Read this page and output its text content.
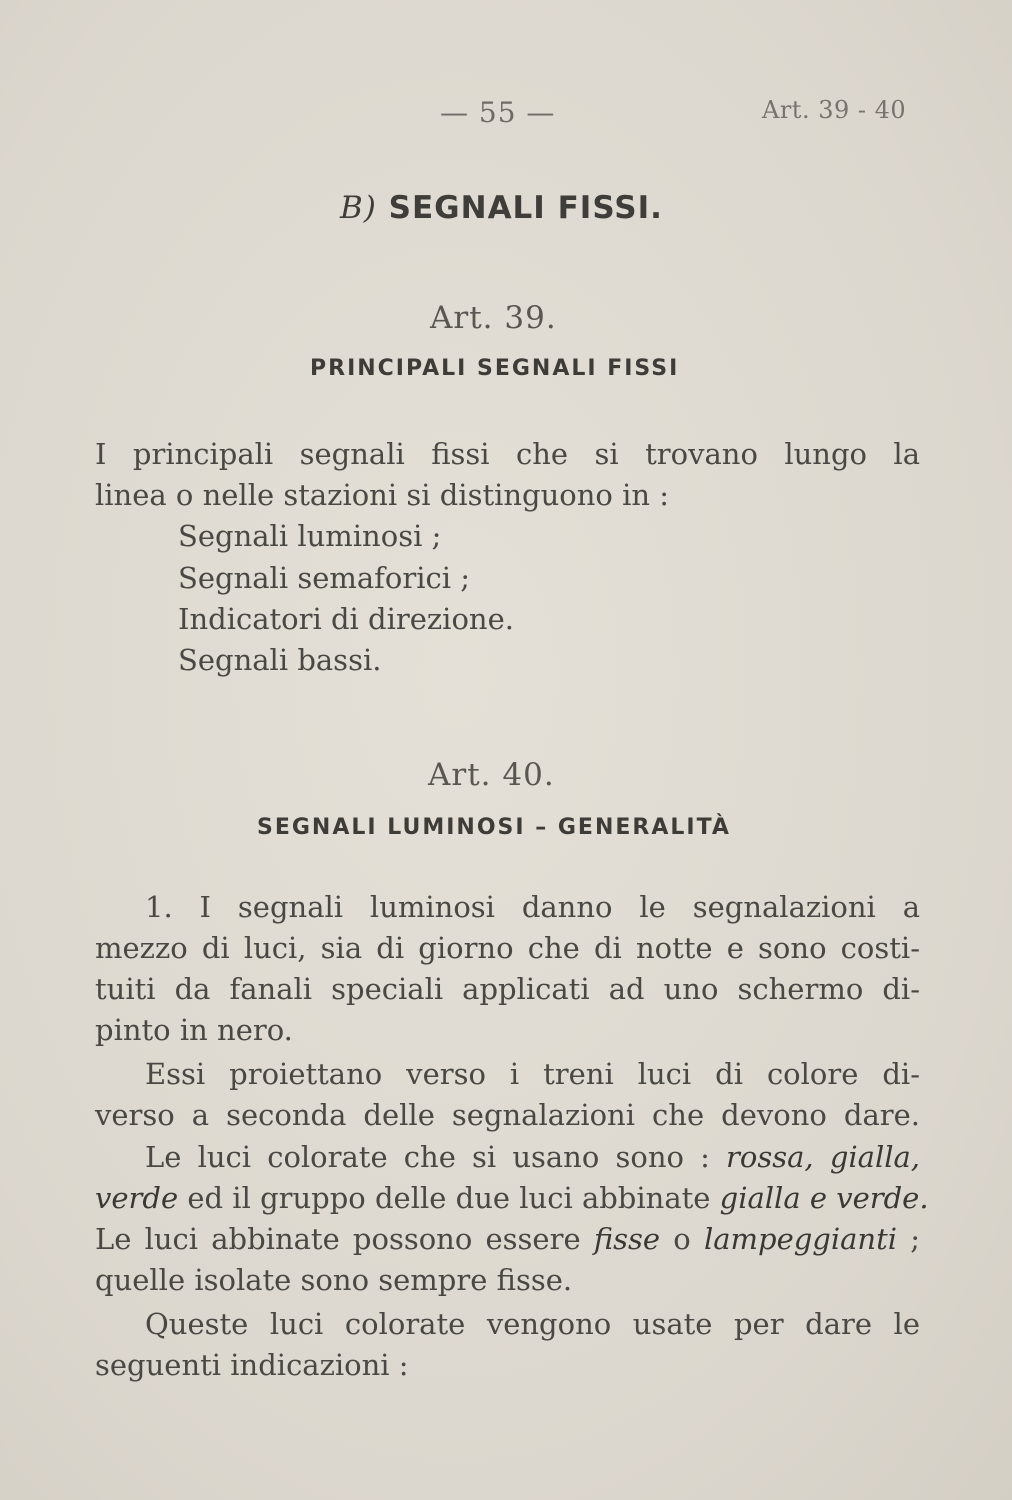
— 55 —	Art. 39 - 40
B) SEGNALI FISSI.
Art. 39.
PRINCIPALI SEGNALI FISSI
I principali segnali fissi che si trovano lungo la
linea o nelle stazioni si distinguono in :
Segnali luminosi ;
Segnali semaforici ;
Indicatori di direzione.
Segnali bassi.
Art. 40.
SEGNALI LUMINOSI – GENERALITÀ
1. I segnali luminosi danno le segnalazioni a
mezzo di luci, sia di giorno che di notte e sono costi-
tuiti da fanali speciali applicati ad uno schermo di-
pinto in nero.
Essi proiettano verso i treni luci di colore di-
verso a seconda delle segnalazioni che devono dare.
Le luci colorate che si usano sono : rossa, gialla,
verde ed il gruppo delle due luci abbinate gialla e verde.
Le luci abbinate possono essere fisse o lampeggianti ;
quelle isolate sono sempre fisse.
Queste luci colorate vengono usate per dare le
seguenti indicazioni :
